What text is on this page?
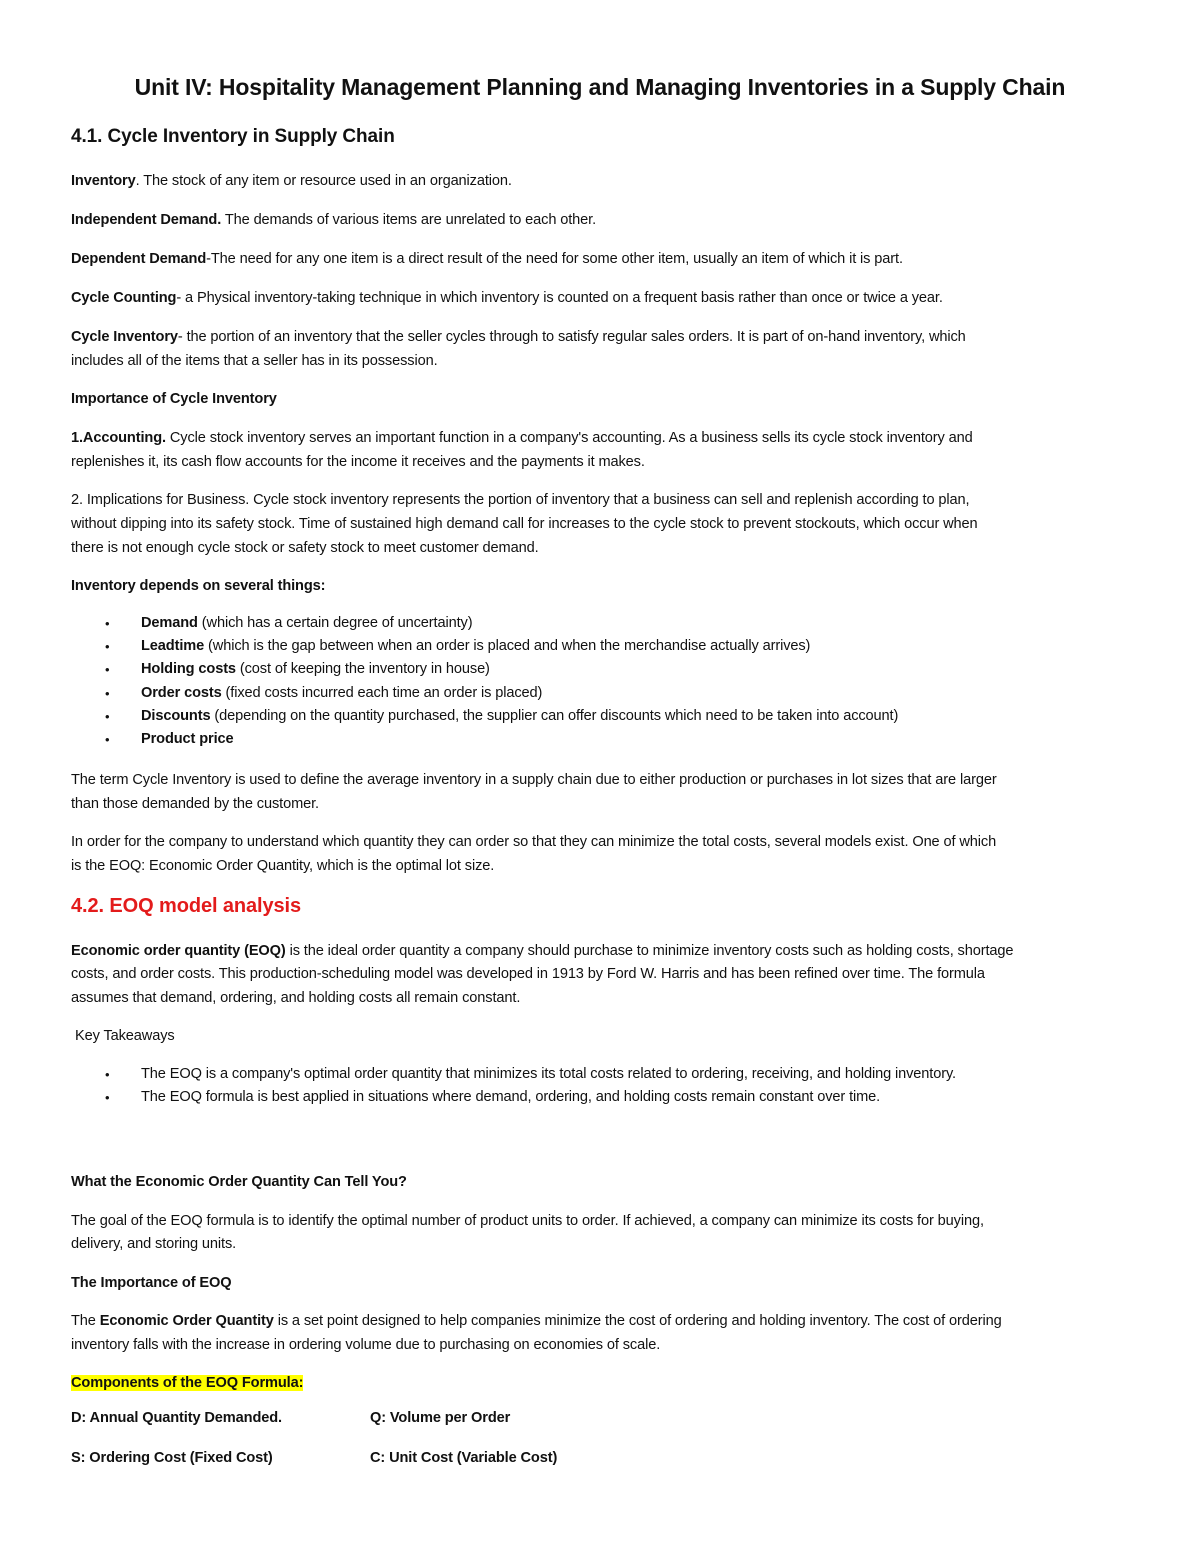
Unit IV: Hospitality Management Planning and Managing Inventories in a Supply Chain
4.1. Cycle Inventory in Supply Chain
Inventory. The stock of any item or resource used in an organization.
Independent Demand. The demands of various items are unrelated to each other.
Dependent Demand-The need for any one item is a direct result of the need for some other item, usually an item of which it is part.
Cycle Counting- a Physical inventory-taking technique in which inventory is counted on a frequent basis rather than once or twice a year.
Cycle Inventory- the portion of an inventory that the seller cycles through to satisfy regular sales orders. It is part of on-hand inventory, which
includes all of the items that a seller has in its possession.
Importance of Cycle Inventory
1.Accounting. Cycle stock inventory serves an important function in a company's accounting. As a business sells its cycle stock inventory and
replenishes it, its cash flow accounts for the income it receives and the payments it makes.
2. Implications for Business. Cycle stock inventory represents the portion of inventory that a business can sell and replenish according to plan,
without dipping into its safety stock. Time of sustained high demand call for increases to the cycle stock to prevent stockouts, which occur when
there is not enough cycle stock or safety stock to meet customer demand.
Inventory depends on several things:
• Demand (which has a certain degree of uncertainty)
• Leadtime (which is the gap between when an order is placed and when the merchandise actually arrives)
• Holding costs (cost of keeping the inventory in house)
• Order costs (fixed costs incurred each time an order is placed)
• Discounts (depending on the quantity purchased, the supplier can offer discounts which need to be taken into account)
• Product price
The term Cycle Inventory is used to define the average inventory in a supply chain due to either production or purchases in lot sizes that are larger
than those demanded by the customer.
In order for the company to understand which quantity they can order so that they can minimize the total costs, several models exist. One of which
is the EOQ: Economic Order Quantity, which is the optimal lot size.
4.2. EOQ model analysis
Economic order quantity (EOQ) is the ideal order quantity a company should purchase to minimize inventory costs such as holding costs, shortage
costs, and order costs. This production-scheduling model was developed in 1913 by Ford W. Harris and has been refined over time. The formula
assumes that demand, ordering, and holding costs all remain constant.
Key Takeaways
• The EOQ is a company's optimal order quantity that minimizes its total costs related to ordering, receiving, and holding inventory.
• The EOQ formula is best applied in situations where demand, ordering, and holding costs remain constant over time.
What the Economic Order Quantity Can Tell You?
The goal of the EOQ formula is to identify the optimal number of product units to order. If achieved, a company can minimize its costs for buying,
delivery, and storing units.
The Importance of EOQ
The Economic Order Quantity is a set point designed to help companies minimize the cost of ordering and holding inventory. The cost of ordering
inventory falls with the increase in ordering volume due to purchasing on economies of scale.
Components of the EOQ Formula:
D: Annual Quantity Demanded.	Q: Volume per Order
S: Ordering Cost (Fixed Cost)	C: Unit Cost (Variable Cost)
